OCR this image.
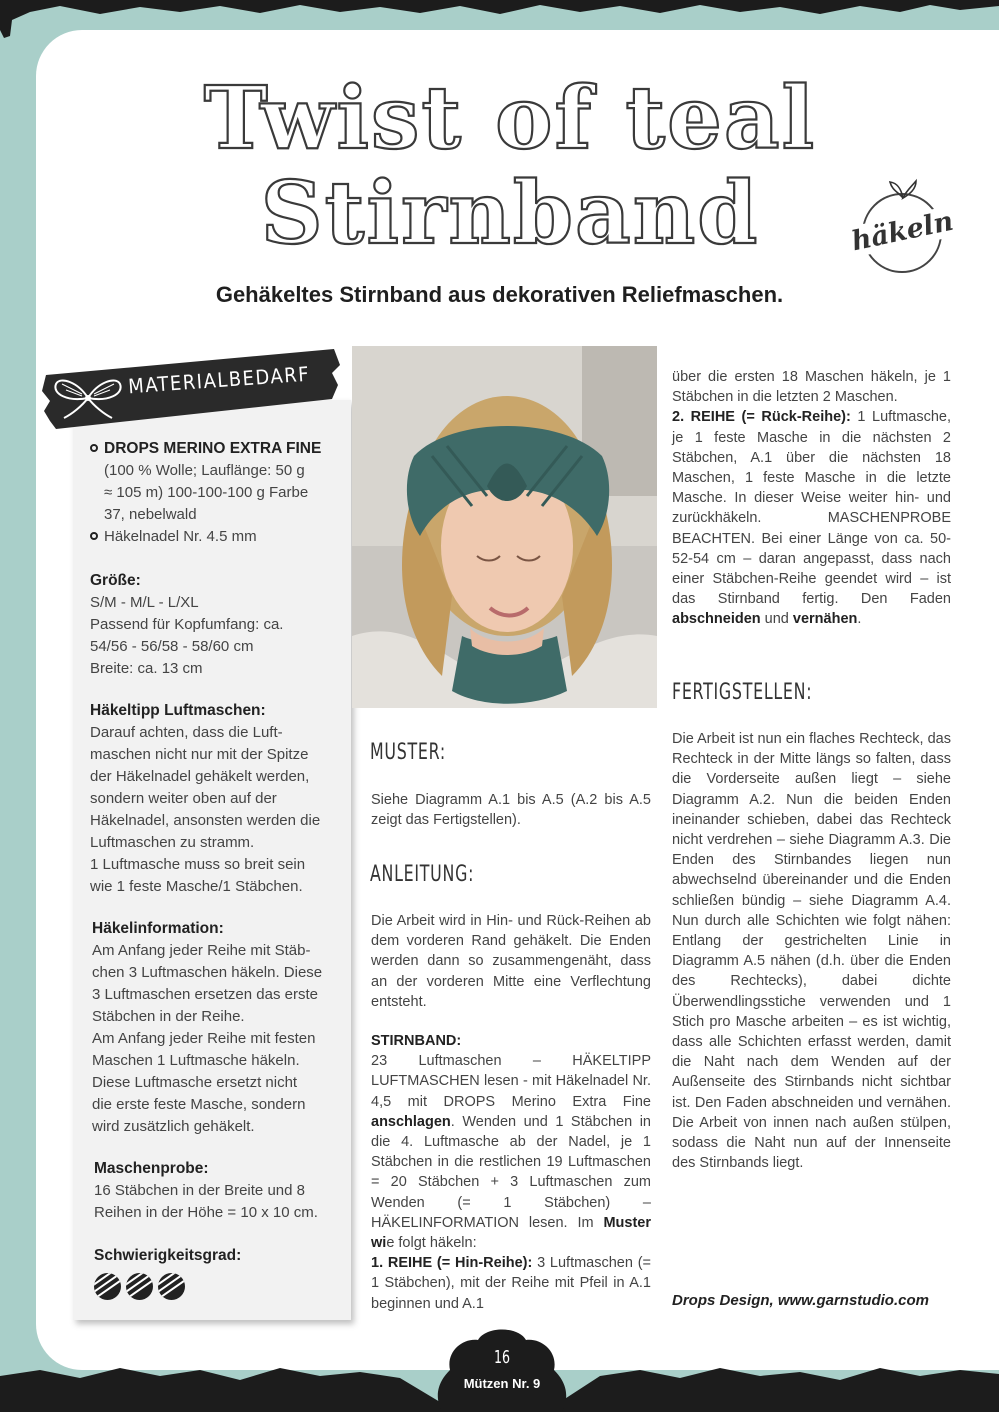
Twist of teal
Stirnband	häkeln
Gehäkeltes Stirnband aus dekorativen Reliefmaschen.
MATERIALBEDARF
DROPS MERINO EXTRA FINE
(100 % Wolle; Lauflänge: 50 g
≈ 105 m) 100-100-100 g Farbe
37, nebelwald
Häkelnadel Nr. 4.5 mm
Größe:
S/M - M/L - L/XL
Passend für Kopfumfang: ca.
54/56 - 56/58 - 58/60 cm
Breite: ca. 13 cm
Häkeltipp Luftmaschen:
Darauf achten, dass die Luft-
maschen nicht nur mit der Spitze
der Häkelnadel gehäkelt werden,
sondern weiter oben auf der
Häkelnadel, ansonsten werden die
Luftmaschen zu stramm.
1 Luftmasche muss so breit sein
wie 1 feste Masche/1 Stäbchen.
Häkelinformation:
Am Anfang jeder Reihe mit Stäb-
chen 3 Luftmaschen häkeln. Diese
3 Luftmaschen ersetzen das erste
Stäbchen in der Reihe.
Am Anfang jeder Reihe mit festen
Maschen 1 Luftmasche häkeln.
Diese Luftmasche ersetzt nicht
die erste feste Masche, sondern
wird zusätzlich gehäkelt.
Maschenprobe:
16 Stäbchen in der Breite und 8
Reihen in der Höhe = 10 x 10 cm.
Schwierigkeitsgrad:
MUSTER:
Siehe Diagramm A.1 bis A.5 (A.2 bis A.5 zeigt das Fertigstellen).
ANLEITUNG:
Die Arbeit wird in Hin- und Rück-Reihen ab dem vorderen Rand gehäkelt. Die Enden werden dann so zusammengenäht, dass an der vorderen Mitte eine Verflechtung entsteht.
STIRNBAND:
23 Luftmaschen – HÄKELTIPP LUFTMASCHEN lesen - mit Häkelnadel Nr. 4,5 mit DROPS Merino Extra Fine anschlagen. Wenden und 1 Stäbchen in die 4. Luftmasche ab der Nadel, je 1 Stäbchen in die restlichen 19 Luftmaschen = 20 Stäbchen + 3 Luftmaschen zum Wenden (= 1 Stäbchen) – HÄKELINFORMATION lesen. Im Muster wie folgt häkeln:
1. REIHE (= Hin-Reihe): 3 Luftmaschen (= 1 Stäbchen), mit der Reihe mit Pfeil in A.1 beginnen und A.1
über die ersten 18 Maschen häkeln, je 1 Stäbchen in die letzten 2 Maschen.
2. REIHE (= Rück-Reihe): 1 Luftmasche, je 1 feste Masche in die nächsten 2 Stäbchen, A.1 über die nächsten 18 Maschen, 1 feste Masche in die letzte Masche. In dieser Weise weiter hin- und zurückhäkeln. MASCHENPROBE BEACHTEN. Bei einer Länge von ca. 50-52-54 cm – daran angepasst, dass nach einer Stäbchen-Reihe geendet wird – ist das Stirnband fertig. Den Faden abschneiden und vernähen.
FERTIGSTELLEN:
Die Arbeit ist nun ein flaches Rechteck, das Rechteck in der Mitte längs so falten, dass die Vorderseite außen liegt – siehe Diagramm A.2. Nun die beiden Enden ineinander schieben, dabei das Rechteck nicht verdrehen – siehe Diagramm A.3. Die Enden des Stirnbandes liegen nun abwechselnd übereinander und die Enden schließen bündig – siehe Diagramm A.4. Nun durch alle Schichten wie folgt nähen: Entlang der gestrichelten Linie in Diagramm A.5 nähen (d.h. über die Enden des Rechtecks), dabei dichte Überwendlingsstiche verwenden und 1 Stich pro Masche arbeiten – es ist wichtig, dass alle Schichten erfasst werden, damit die Naht nach dem Wenden auf der Außenseite des Stirnbands nicht sichtbar ist. Den Faden abschneiden und vernähen. Die Arbeit von innen nach außen stülpen, sodass die Naht nun auf der Innenseite des Stirnbands liegt.
Drops Design, www.garnstudio.com
16
Mützen Nr. 9
